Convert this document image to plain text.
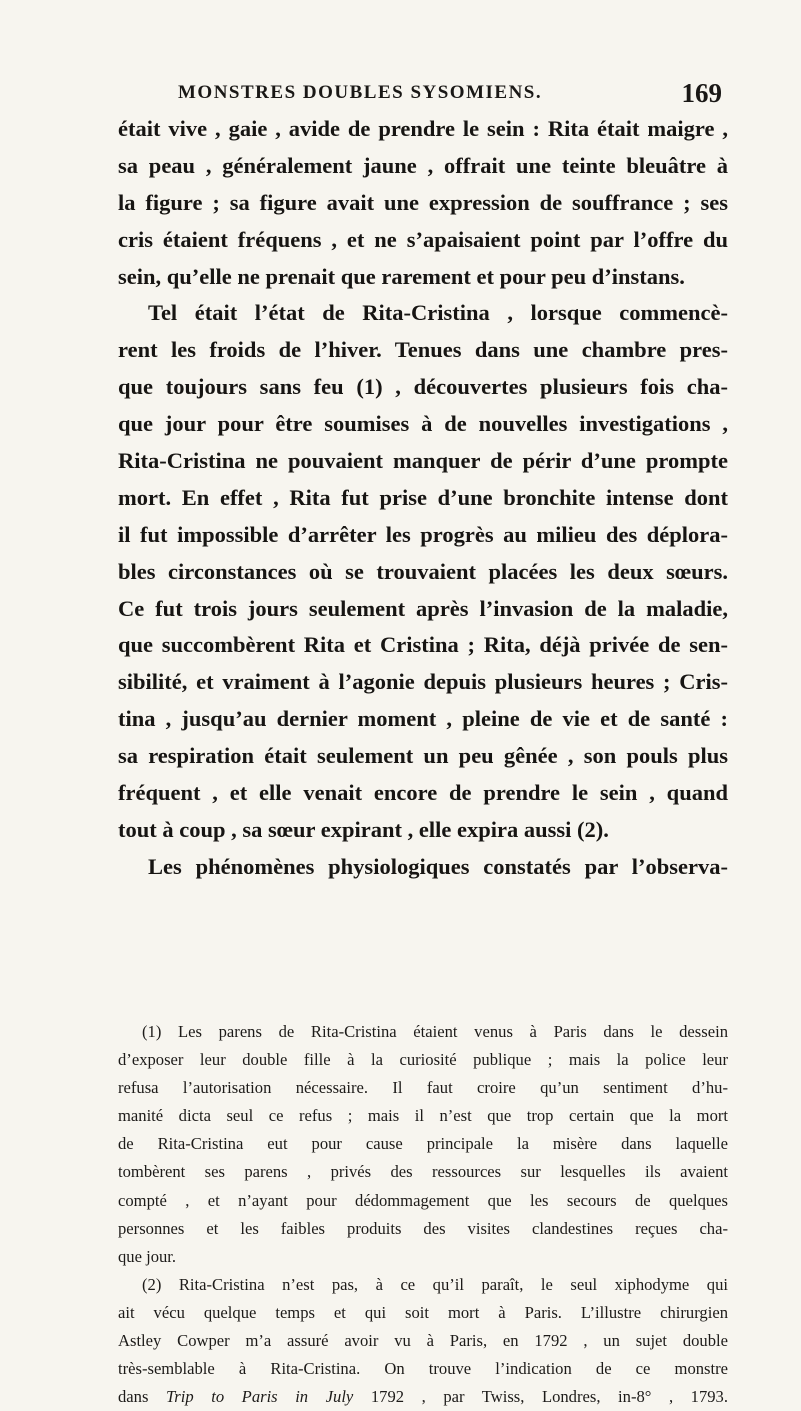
MONSTRES DOUBLES SYSOMIENS.	169
était vive , gaie , avide de prendre le sein : Rita était maigre ,
sa peau , généralement jaune , offrait une teinte bleuâtre à
la figure ; sa figure avait une expression de souffrance ; ses
cris étaient fréquens , et ne s’apaisaient point par l’offre du
sein, qu’elle ne prenait que rarement et pour peu d’instans.
Tel était l’état de Rita-Cristina , lorsque commencè-
rent les froids de l’hiver. Tenues dans une chambre pres-
que toujours sans feu (1) , découvertes plusieurs fois cha-
que jour pour être soumises à de nouvelles investigations ,
Rita-Cristina ne pouvaient manquer de périr d’une prompte
mort. En effet , Rita fut prise d’une bronchite intense dont
il fut impossible d’arrêter les progrès au milieu des déplora-
bles circonstances où se trouvaient placées les deux sœurs.
Ce fut trois jours seulement après l’invasion de la maladie,
que succombèrent Rita et Cristina ; Rita, déjà privée de sen-
sibilité, et vraiment à l’agonie depuis plusieurs heures ; Cris-
tina , jusqu’au dernier moment , pleine de vie et de santé :
sa respiration était seulement un peu gênée , son pouls plus
fréquent , et elle venait encore de prendre le sein , quand
tout à coup , sa sœur expirant , elle expira aussi (2).
Les phénomènes physiologiques constatés par l’observa-
(1) Les parens de Rita-Cristina étaient venus à Paris dans le dessein
d’exposer leur double fille à la curiosité publique ; mais la police leur
refusa l’autorisation nécessaire. Il faut croire qu’un sentiment d’hu-
manité dicta seul ce refus ; mais il n’est que trop certain que la mort
de Rita-Cristina eut pour cause principale la misère dans laquelle
tombèrent ses parens , privés des ressources sur lesquelles ils avaient
compté , et n’ayant pour dédommagement que les secours de quelques
personnes et les faibles produits des visites clandestines reçues cha-
que jour.
(2) Rita-Cristina n’est pas, à ce qu’il paraît, le seul xiphodyme qui
ait vécu quelque temps et qui soit mort à Paris. L’illustre chirurgien
Astley Cowper m’a assuré avoir vu à Paris, en 1792 , un sujet double
très-semblable à Rita-Cristina. On trouve l’indication de ce monstre
dans Trip to Paris in July 1792 , par Twiss, Londres, in-8° , 1793.
